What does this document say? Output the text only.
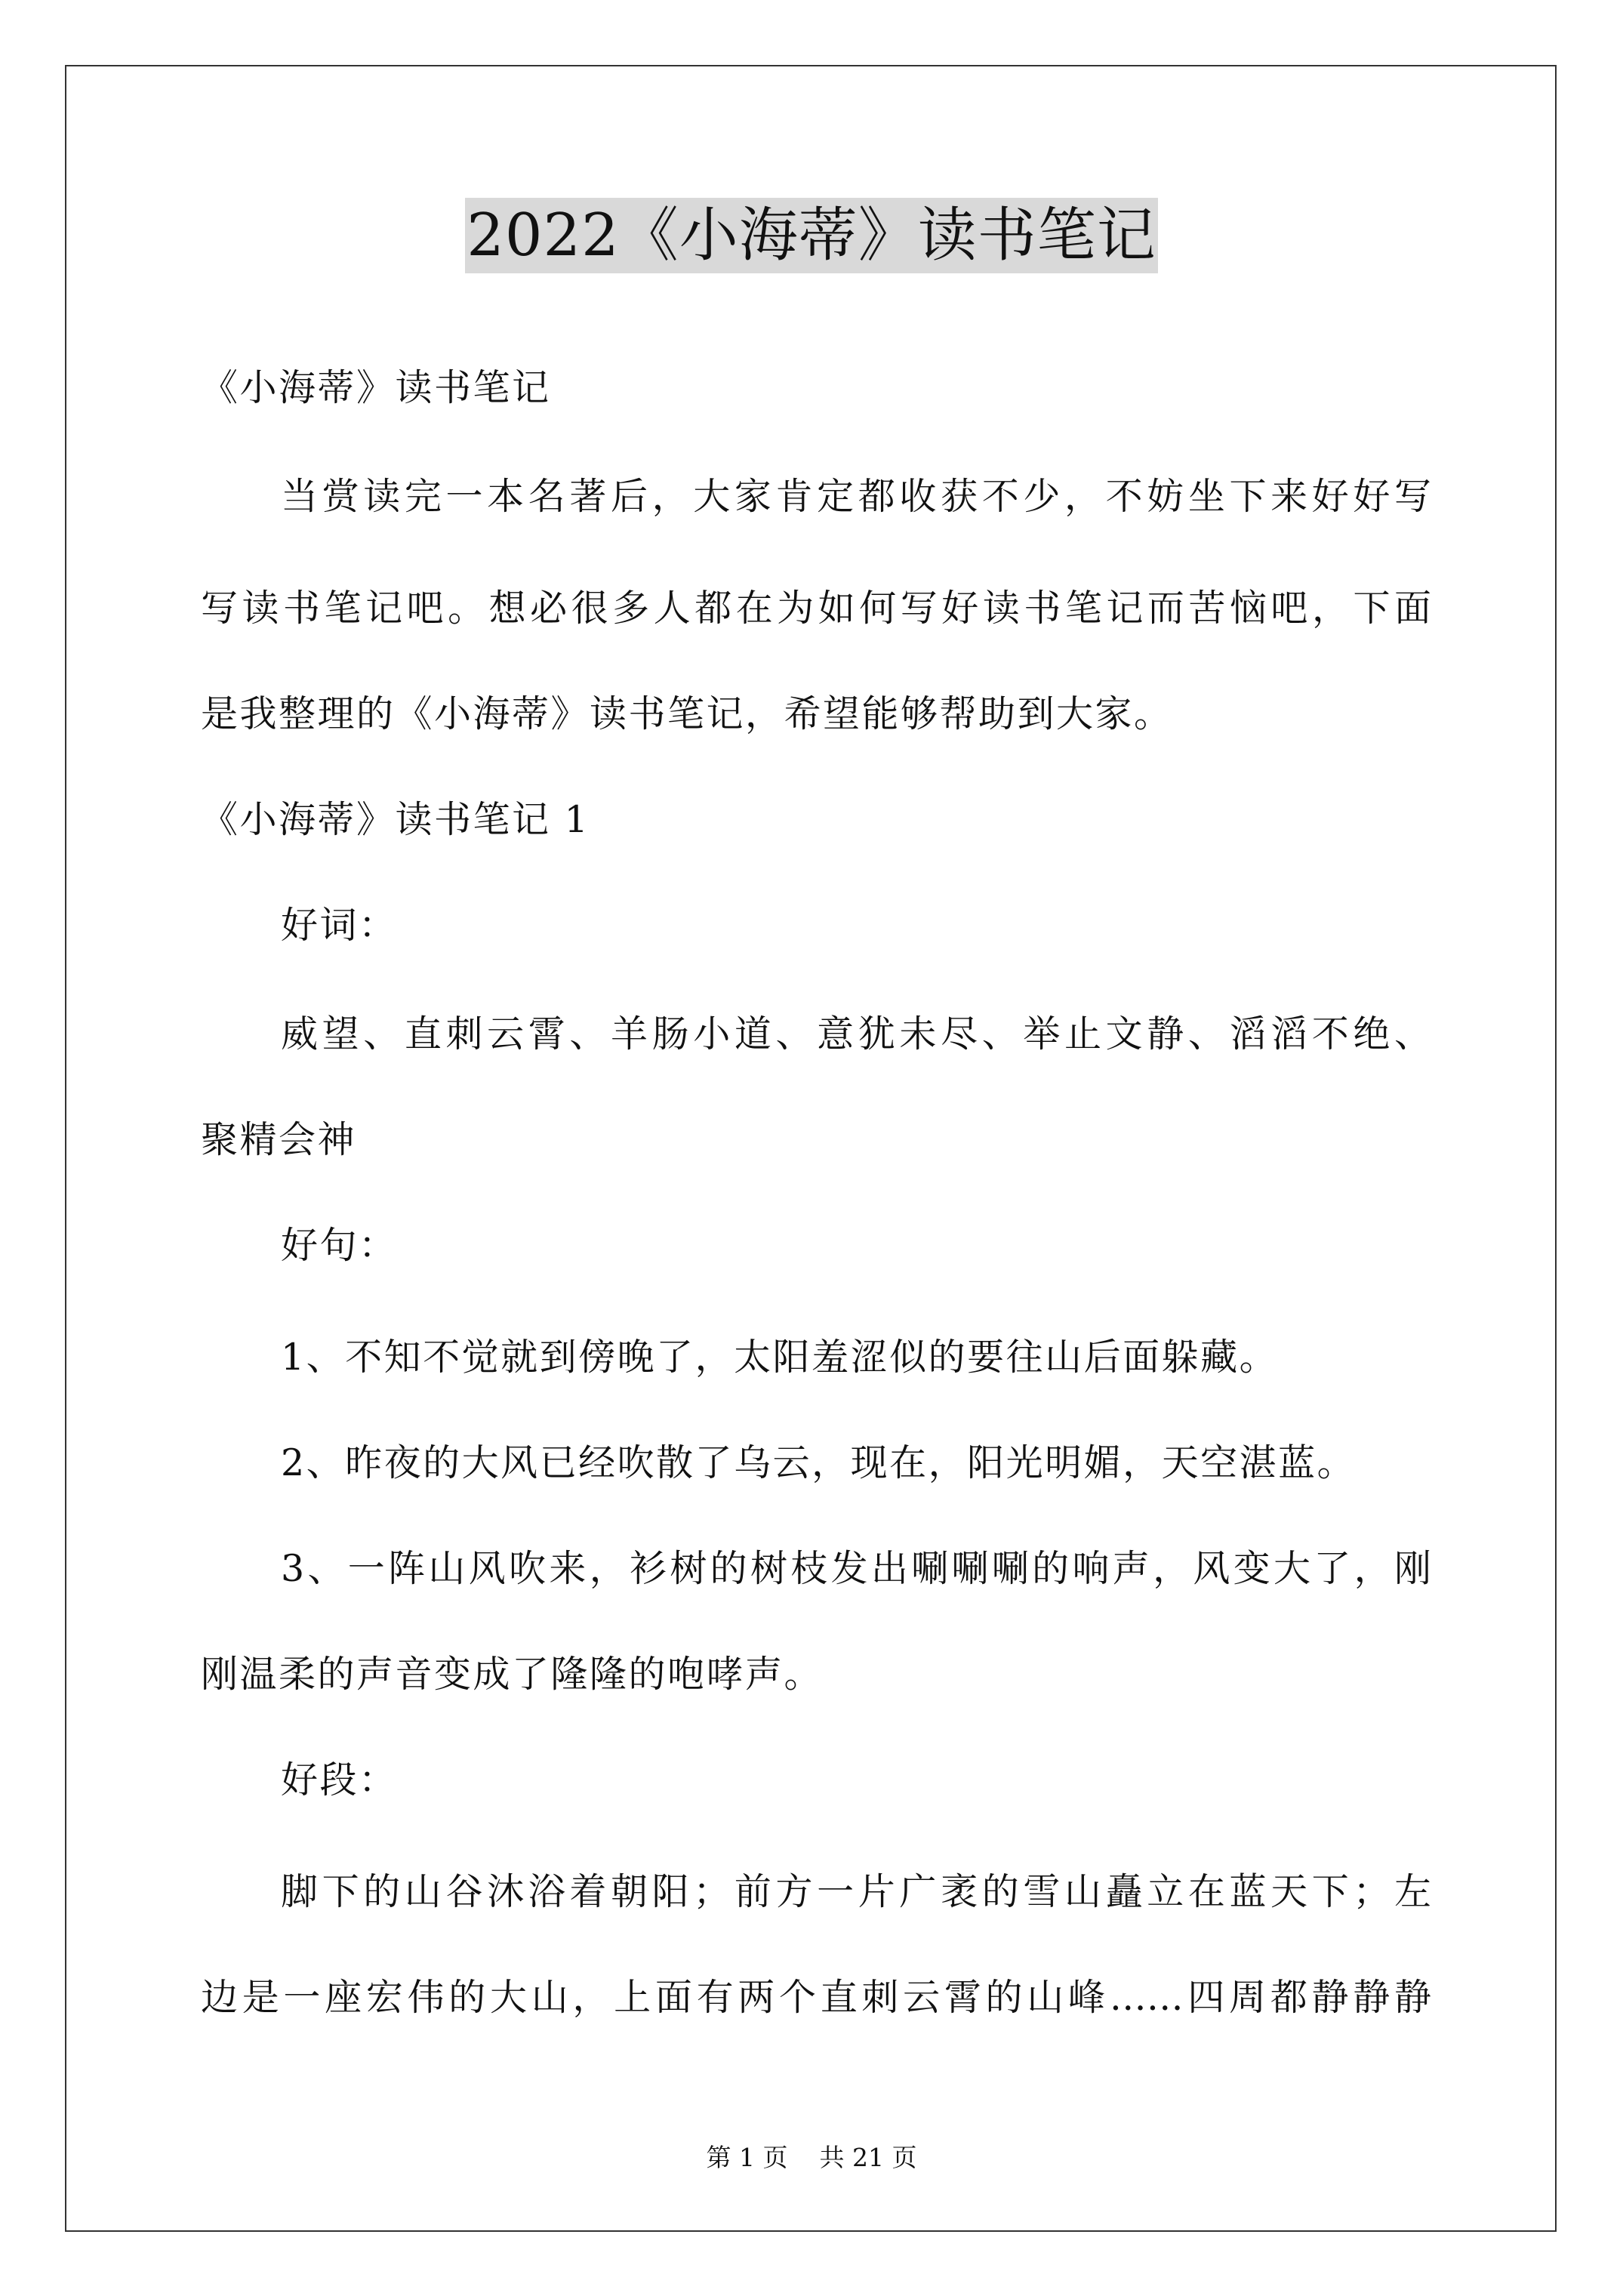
2022《小海蒂》读书笔记
《小海蒂》读书笔记
当赏读完一本名著后，大家肯定都收获不少，不妨坐下来好好写
写读书笔记吧。想必很多人都在为如何写好读书笔记而苦恼吧，下面
是我整理的《小海蒂》读书笔记，希望能够帮助到大家。
《小海蒂》读书笔记 1
好词：
威望、直刺云霄、羊肠小道、意犹未尽、举止文静、滔滔不绝、
聚精会神
好句：
1、不知不觉就到傍晚了，太阳羞涩似的要往山后面躲藏。
2、昨夜的大风已经吹散了乌云，现在，阳光明媚，天空湛蓝。
3、一阵山风吹来，衫树的树枝发出唰唰唰的响声，风变大了，刚
刚温柔的声音变成了隆隆的咆哮声。
好段：
脚下的山谷沐浴着朝阳；前方一片广袤的雪山矗立在蓝天下；左
边是一座宏伟的大山，上面有两个直刺云霄的山峰……四周都静静静
第 1 页    共 21 页
